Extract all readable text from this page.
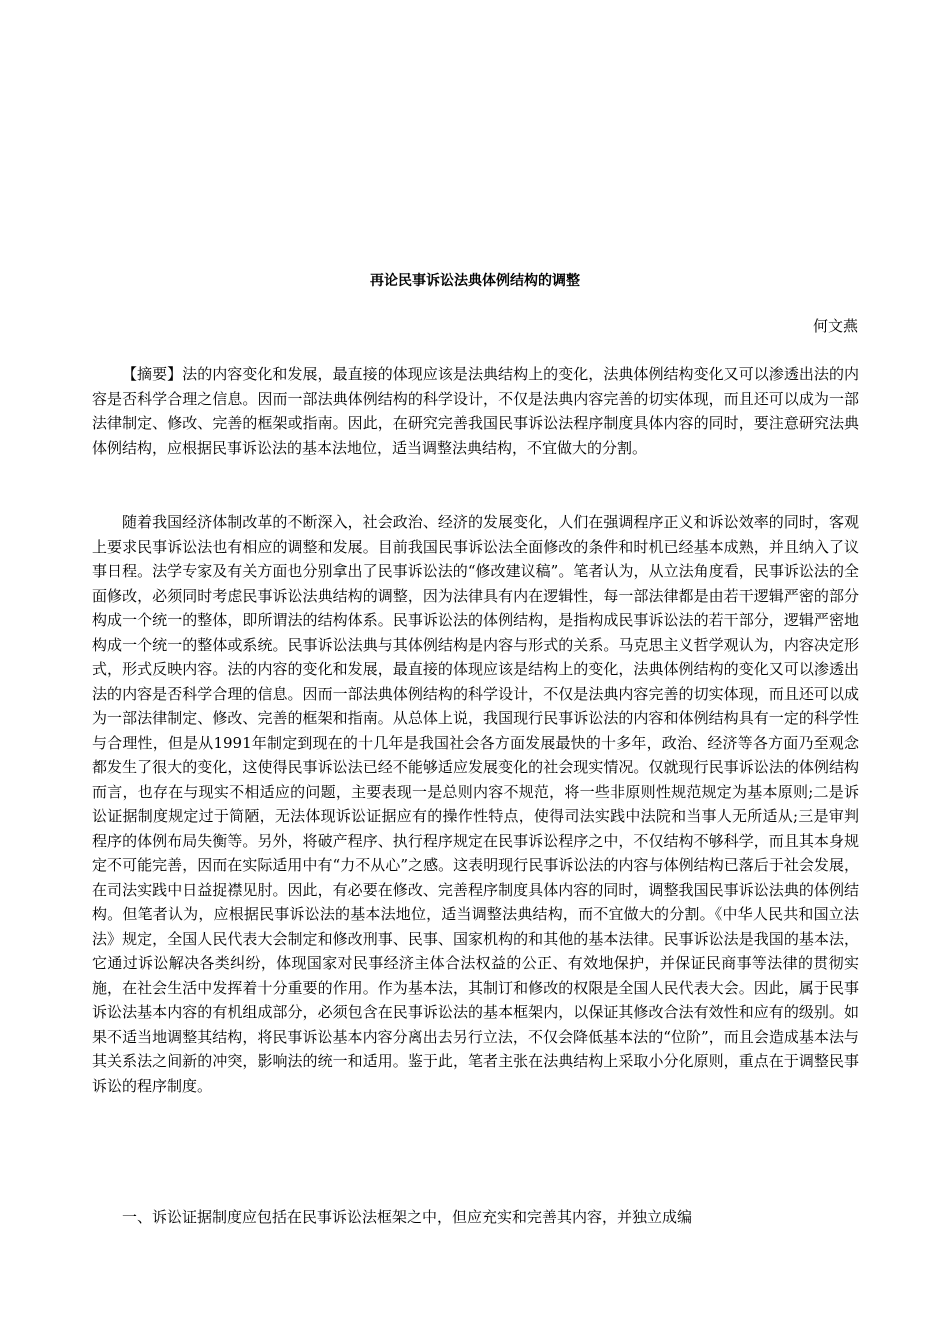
再论民事诉讼法典体例结构的调整

何文燕

【摘要】法的内容变化和发展，最直接的体现应该是法典结构上的变化，法典体例结构变化又可以渗透出法的内容是否科学合理之信息。因而一部法典体例结构的科学设计，不仅是法典内容完善的切实体现，而且还可以成为一部法律制定、修改、完善的框架或指南。因此，在研究完善我国民事诉讼法程序制度具体内容的同时，要注意研究法典体例结构，应根据民事诉讼法的基本法地位，适当调整法典结构，不宜做大的分割。

随着我国经济体制改革的不断深入，社会政治、经济的发展变化，人们在强调程序正义和诉讼效率的同时，客观上要求民事诉讼法也有相应的调整和发展。目前我国民事诉讼法全面修改的条件和时机已经基本成熟，并且纳入了议事日程。法学专家及有关方面也分别拿出了民事诉讼法的“修改建议稿”。笔者认为，从立法角度看，民事诉讼法的全面修改，必须同时考虑民事诉讼法典结构的调整，因为法律具有内在逻辑性，每一部法律都是由若干逻辑严密的部分构成一个统一的整体，即所谓法的结构体系。民事诉讼法的体例结构，是指构成民事诉讼法的若干部分，逻辑严密地构成一个统一的整体或系统。民事诉讼法典与其体例结构是内容与形式的关系。马克思主义哲学观认为，内容决定形式，形式反映内容。法的内容的变化和发展，最直接的体现应该是结构上的变化，法典体例结构的变化又可以渗透出法的内容是否科学合理的信息。因而一部法典体例结构的科学设计，不仅是法典内容完善的切实体现，而且还可以成为一部法律制定、修改、完善的框架和指南。从总体上说，我国现行民事诉讼法的内容和体例结构具有一定的科学性与合理性，但是从1991年制定到现在的十几年是我国社会各方面发展最快的十多年，政治、经济等各方面乃至观念都发生了很大的变化，这使得民事诉讼法已经不能够适应发展变化的社会现实情况。仅就现行民事诉讼法的体例结构而言，也存在与现实不相适应的问题，主要表现一是总则内容不规范，将一些非原则性规范规定为基本原则;二是诉讼证据制度规定过于简陋，无法体现诉讼证据应有的操作性特点，使得司法实践中法院和当事人无所适从;三是审判程序的体例布局失衡等。另外，将破产程序、执行程序规定在民事诉讼程序之中，不仅结构不够科学，而且其本身规定不可能完善，因而在实际适用中有“力不从心”之感。这表明现行民事诉讼法的内容与体例结构已落后于社会发展，在司法实践中日益捉襟见肘。因此，有必要在修改、完善程序制度具体内容的同时，调整我国民事诉讼法典的体例结构。但笔者认为，应根据民事诉讼法的基本法地位，适当调整法典结构，而不宜做大的分割。《中华人民共和国立法法》规定，全国人民代表大会制定和修改刑事、民事、国家机构的和其他的基本法律。民事诉讼法是我国的基本法，它通过诉讼解决各类纠纷，体现国家对民事经济主体合法权益的公正、有效地保护，并保证民商事等法律的贯彻实施，在社会生活中发挥着十分重要的作用。作为基本法，其制订和修改的权限是全国人民代表大会。因此，属于民事诉讼法基本内容的有机组成部分，必须包含在民事诉讼法的基本框架内，以保证其修改合法有效性和应有的级别。如果不适当地调整其结构，将民事诉讼基本内容分离出去另行立法，不仅会降低基本法的“位阶”，而且会造成基本法与其关系法之间新的冲突，影响法的统一和适用。鉴于此，笔者主张在法典结构上采取小分化原则，重点在于调整民事诉讼的程序制度。

一、诉讼证据制度应包括在民事诉讼法框架之中，但应充实和完善其内容，并独立成编
